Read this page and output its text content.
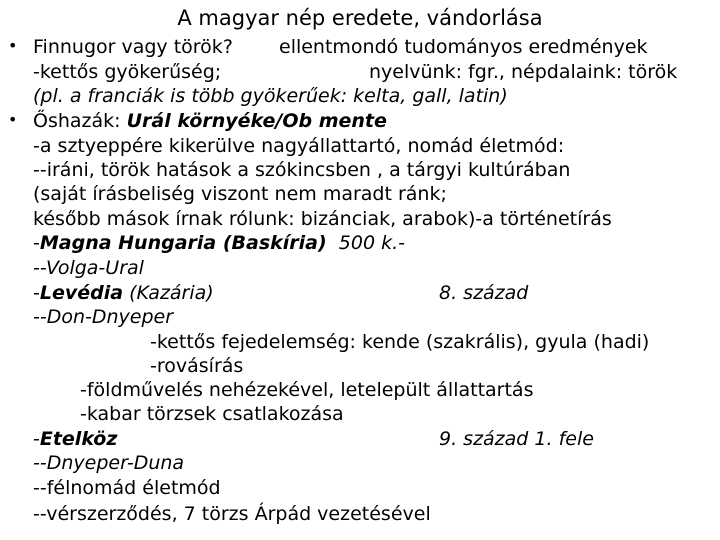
A magyar nép eredete, vándorlása
• Finnugor vagy török? ellentmondó tudományos eredmények
-kettős gyökerűség;	nyelvünk: fgr., népdalaink: török
(pl. a franciák is több gyökerűek: kelta, gall, latin)
• Őshazák: Urál környéke/Ob mente
-a sztyeppére kikerülve nagyállattartó, nomád életmód:
--iráni, török hatások a szókincsben , a tárgyi kultúrában
(saját írásbeliség viszont nem maradt ránk;
később mások írnak rólunk: bizánciak, arabok)-a történetírás
-Magna Hungaria (Baskíria) 500 k.-
--Volga-Ural
-Levédia (Kazária)	8. század
--Don-Dnyeper
-kettős fejedelemség: kende (szakrális), gyula (hadi)
-rovásírás
-földművelés nehézekével, letelepült állattartás
-kabar törzsek csatlakozása
-Etelköz	9. század 1. fele
--Dnyeper-Duna
--félnomád életmód
--vérszerződés, 7 törzs Árpád vezetésével
